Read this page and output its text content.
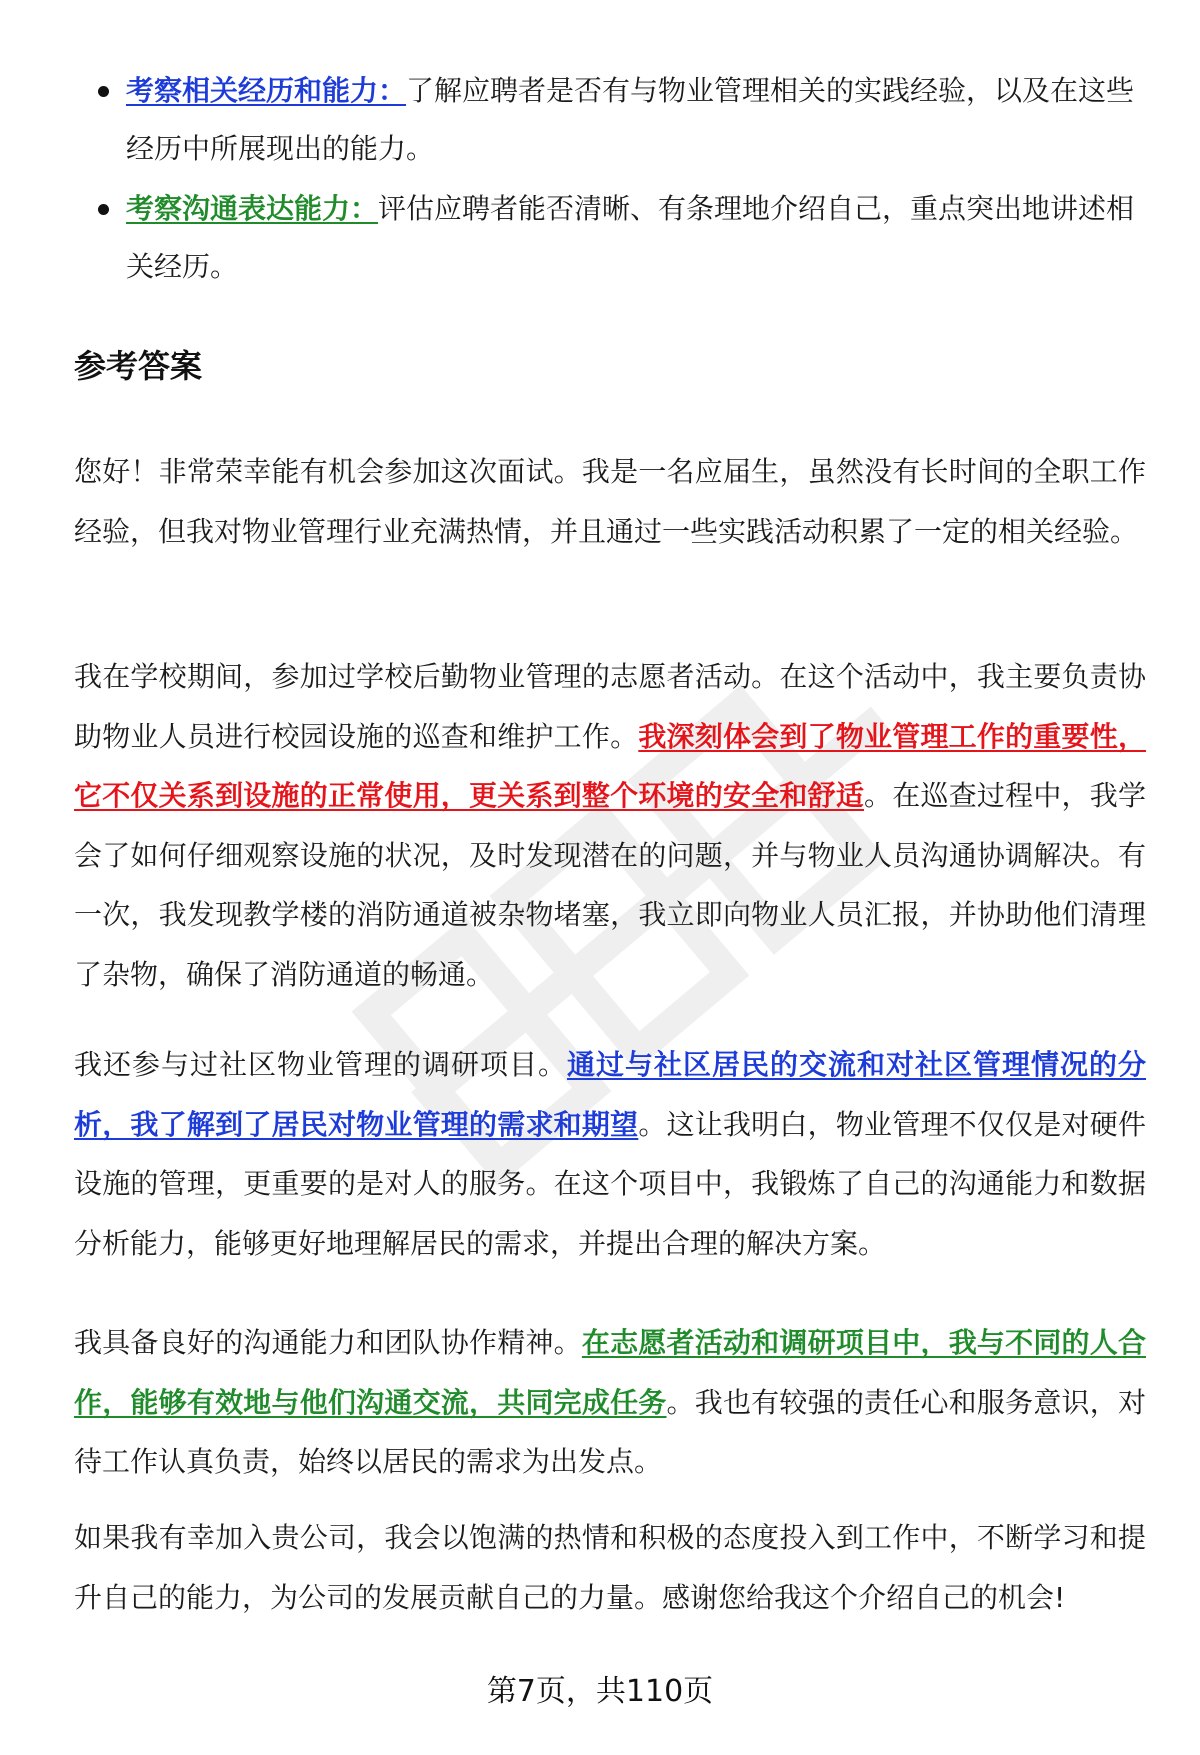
考察相关经历和能力：了解应聘者是否有与物业管理相关的实践经验，以及在这些经历中所展现出的能力。
考察沟通表达能力：评估应聘者能否清晰、有条理地介绍自己，重点突出地讲述相关经历。
参考答案

您好！非常荣幸能有机会参加这次面试。我是一名应届生，虽然没有长时间的全职工作经验，但我对物业管理行业充满热情，并且通过一些实践活动积累了一定的相关经验。

我在学校期间，参加过学校后勤物业管理的志愿者活动。在这个活动中，我主要负责协助物业人员进行校园设施的巡查和维护工作。我深刻体会到了物业管理工作的重要性，它不仅关系到设施的正常使用，更关系到整个环境的安全和舒适。在巡查过程中，我学会了如何仔细观察设施的状况，及时发现潜在的问题，并与物业人员沟通协调解决。有一次，我发现教学楼的消防通道被杂物堵塞，我立即向物业人员汇报，并协助他们清理了杂物，确保了消防通道的畅通。

我还参与过社区物业管理的调研项目。通过与社区居民的交流和对社区管理情况的分析，我了解到了居民对物业管理的需求和期望。这让我明白，物业管理不仅仅是对硬件设施的管理，更重要的是对人的服务。在这个项目中，我锻炼了自己的沟通能力和数据分析能力，能够更好地理解居民的需求，并提出合理的解决方案。

我具备良好的沟通能力和团队协作精神。在志愿者活动和调研项目中，我与不同的人合作，能够有效地与他们沟通交流，共同完成任务。我也有较强的责任心和服务意识，对待工作认真负责，始终以居民的需求为出发点。

如果我有幸加入贵公司，我会以饱满的热情和积极的态度投入到工作中，不断学习和提升自己的能力，为公司的发展贡献自己的力量。感谢您给我这个介绍自己的机会!

第7页，共110页
